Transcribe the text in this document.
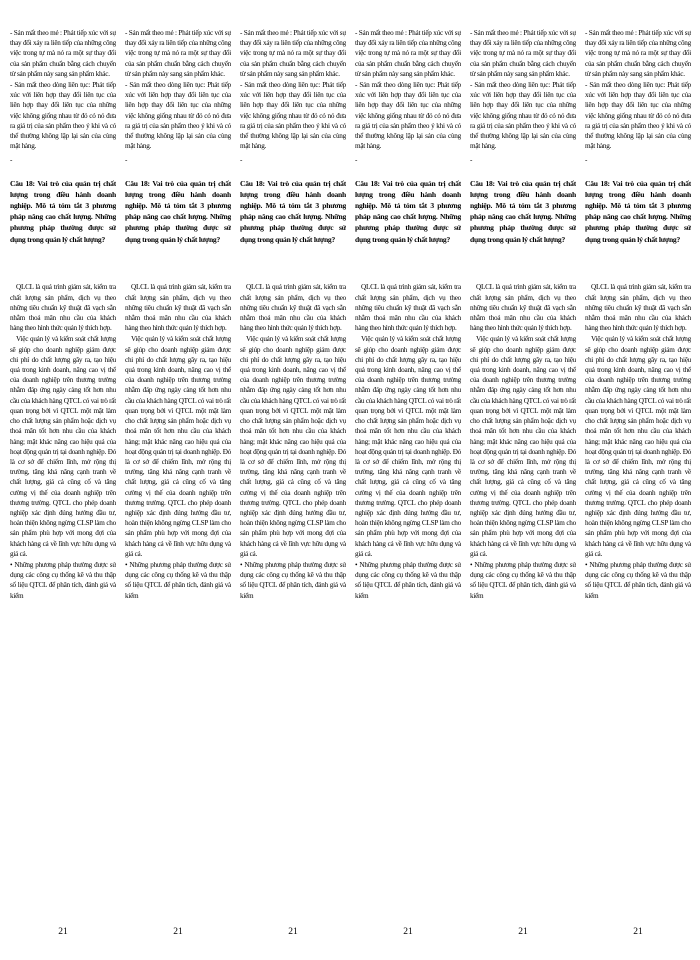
- Sản mất theo mẻ : Phát tiếp xúc với sự thay đổi xảy ra liên tiếp của những công việc trong tự mà nó ra một sự thay đổi của sản phẩm chuẩn bằng cách chuyển từ sản phẩm này sang sản phẩm khác.

- Sản mất theo dòng liên tục: Phát tiếp xúc với liên hợp thay đổi liên tục của liên hợp thay đổi liên tục của những việc không giống nhau từ đó có nó đưa ra giá trị của sản phẩm theo ý khi và có thể thường không lặp lại sản của cùng mặt hàng.

-

Câu 18: Vai trò của quản trị chất lượng trong điều hành doanh nghiệp. Mô tả tóm tắt 3 phương pháp nâng cao chất lượng. Những phương pháp thường được sử dụng trong quản lý chất lượng?

QLCL là quá trình giám sát, kiểm tra chất lượng sản phẩm, dịch vụ theo những tiêu chuẩn kỹ thuật đã vạch sẵn nhằm thoả mãn nhu cầu của khách hàng theo hình thức quản lý thích hợp.

Việc quản lý và kiểm soát chất lượng sẽ giúp cho doanh nghiệp giảm được chi phí do chất lượng gây ra, tạo hiệu quả trong kinh doanh, nâng cao vị thế của doanh nghiệp trên thương trường nhằm đáp ứng ngày càng tốt hơn nhu cầu của khách hàng QTCL có vai trò rất quan trọng bởi vì QTCL một mặt làm cho chất lượng sản phẩm hoặc dịch vụ thoả mãn tốt hơn nhu cầu của khách hàng; mặt khác nâng cao hiệu quả của hoạt động quản trị tại doanh nghiệp. Đó là cơ sở để chiếm lĩnh, mở rộng thị trường, tăng khả năng cạnh tranh về chất lượng, giá cả cũng cố và tăng cường vị thế của doanh nghiệp trên thương trường. QTCL cho phép doanh nghiệp xác định đúng hướng đầu tư, hoàn thiện không ngừng CLSP làm cho sản phẩm phù hợp với mong đợi của khách hàng cả về lĩnh vực hữu dụng và giá cả.

• Những phương pháp thường được sử dụng các công cụ thống kê và thu thập số liệu QTCL để phân tích, đánh giá và kiểm

21

- Sản mất theo mẻ : Phát tiếp xúc với sự thay đổi xảy ra liên tiếp của những công việc trong tự mà nó ra một sự thay đổi của sản phẩm chuẩn bằng cách chuyển từ sản phẩm này sang sản phẩm khác.

- Sản mất theo dòng liên tục: Phát tiếp xúc với liên hợp thay đổi liên tục của liên hợp thay đổi liên tục của những việc không giống nhau từ đó có nó đưa ra giá trị của sản phẩm theo ý khi và có thể thường không lặp lại sản của cùng mặt hàng.

-

Câu 18: Vai trò của quản trị chất lượng trong điều hành doanh nghiệp. Mô tả tóm tắt 3 phương pháp nâng cao chất lượng. Những phương pháp thường được sử dụng trong quản lý chất lượng?

QLCL là quá trình giám sát, kiểm tra chất lượng sản phẩm, dịch vụ theo những tiêu chuẩn kỹ thuật đã vạch sẵn nhằm thoả mãn nhu cầu của khách hàng theo hình thức quản lý thích hợp.

Việc quản lý và kiểm soát chất lượng sẽ giúp cho doanh nghiệp giảm được chi phí do chất lượng gây ra, tạo hiệu quả trong kinh doanh, nâng cao vị thế của doanh nghiệp trên thương trường nhằm đáp ứng ngày càng tốt hơn nhu cầu của khách hàng QTCL có vai trò rất quan trọng bởi vì QTCL một mặt làm cho chất lượng sản phẩm hoặc dịch vụ thoả mãn tốt hơn nhu cầu của khách hàng; mặt khác nâng cao hiệu quả của hoạt động quản trị tại doanh nghiệp. Đó là cơ sở để chiếm lĩnh, mở rộng thị trường, tăng khả năng cạnh tranh về chất lượng, giá cả cũng cố và tăng cường vị thế của doanh nghiệp trên thương trường. QTCL cho phép doanh nghiệp xác định đúng hướng đầu tư, hoàn thiện không ngừng CLSP làm cho sản phẩm phù hợp với mong đợi của khách hàng cả về lĩnh vực hữu dụng và giá cả.

• Những phương pháp thường được sử dụng các công cụ thống kê và thu thập số liệu QTCL để phân tích, đánh giá và kiểm

21

- Sản mất theo mẻ : Phát tiếp xúc với sự thay đổi xảy ra liên tiếp của những công việc trong tự mà nó ra một sự thay đổi của sản phẩm chuẩn bằng cách chuyển từ sản phẩm này sang sản phẩm khác.

- Sản mất theo dòng liên tục: Phát tiếp xúc với liên hợp thay đổi liên tục của liên hợp thay đổi liên tục của những việc không giống nhau từ đó có nó đưa ra giá trị của sản phẩm theo ý khi và có thể thường không lặp lại sản của cùng mặt hàng.

-

Câu 18: Vai trò của quản trị chất lượng trong điều hành doanh nghiệp. Mô tả tóm tắt 3 phương pháp nâng cao chất lượng. Những phương pháp thường được sử dụng trong quản lý chất lượng?

QLCL là quá trình giám sát, kiểm tra chất lượng sản phẩm, dịch vụ theo những tiêu chuẩn kỹ thuật đã vạch sẵn nhằm thoả mãn nhu cầu của khách hàng theo hình thức quản lý thích hợp.

Việc quản lý và kiểm soát chất lượng sẽ giúp cho doanh nghiệp giảm được chi phí do chất lượng gây ra, tạo hiệu quả trong kinh doanh, nâng cao vị thế của doanh nghiệp trên thương trường nhằm đáp ứng ngày càng tốt hơn nhu cầu của khách hàng QTCL có vai trò rất quan trọng bởi vì QTCL một mặt làm cho chất lượng sản phẩm hoặc dịch vụ thoả mãn tốt hơn nhu cầu của khách hàng; mặt khác nâng cao hiệu quả của hoạt động quản trị tại doanh nghiệp. Đó là cơ sở để chiếm lĩnh, mở rộng thị trường, tăng khả năng cạnh tranh về chất lượng, giá cả cũng cố và tăng cường vị thế của doanh nghiệp trên thương trường. QTCL cho phép doanh nghiệp xác định đúng hướng đầu tư, hoàn thiện không ngừng CLSP làm cho sản phẩm phù hợp với mong đợi của khách hàng cả về lĩnh vực hữu dụng và giá cả.

• Những phương pháp thường được sử dụng các công cụ thống kê và thu thập số liệu QTCL để phân tích, đánh giá và kiểm

21

- Sản mất theo mẻ : Phát tiếp xúc với sự thay đổi xảy ra liên tiếp của những công việc trong tự mà nó ra một sự thay đổi của sản phẩm chuẩn bằng cách chuyển từ sản phẩm này sang sản phẩm khác.

- Sản mất theo dòng liên tục: Phát tiếp xúc với liên hợp thay đổi liên tục của liên hợp thay đổi liên tục của những việc không giống nhau từ đó có nó đưa ra giá trị của sản phẩm theo ý khi và có thể thường không lặp lại sản của cùng mặt hàng.

-

Câu 18: Vai trò của quản trị chất lượng trong điều hành doanh nghiệp. Mô tả tóm tắt 3 phương pháp nâng cao chất lượng. Những phương pháp thường được sử dụng trong quản lý chất lượng?

QLCL là quá trình giám sát, kiểm tra chất lượng sản phẩm, dịch vụ theo những tiêu chuẩn kỹ thuật đã vạch sẵn nhằm thoả mãn nhu cầu của khách hàng theo hình thức quản lý thích hợp.

Việc quản lý và kiểm soát chất lượng sẽ giúp cho doanh nghiệp giảm được chi phí do chất lượng gây ra, tạo hiệu quả trong kinh doanh, nâng cao vị thế của doanh nghiệp trên thương trường nhằm đáp ứng ngày càng tốt hơn nhu cầu của khách hàng QTCL có vai trò rất quan trọng bởi vì QTCL một mặt làm cho chất lượng sản phẩm hoặc dịch vụ thoả mãn tốt hơn nhu cầu của khách hàng; mặt khác nâng cao hiệu quả của hoạt động quản trị tại doanh nghiệp. Đó là cơ sở để chiếm lĩnh, mở rộng thị trường, tăng khả năng cạnh tranh về chất lượng, giá cả cũng cố và tăng cường vị thế của doanh nghiệp trên thương trường. QTCL cho phép doanh nghiệp xác định đúng hướng đầu tư, hoàn thiện không ngừng CLSP làm cho sản phẩm phù hợp với mong đợi của khách hàng cả về lĩnh vực hữu dụng và giá cả.

• Những phương pháp thường được sử dụng các công cụ thống kê và thu thập số liệu QTCL để phân tích, đánh giá và kiểm

21

- Sản mất theo mẻ : Phát tiếp xúc với sự thay đổi xảy ra liên tiếp của những công việc trong tự mà nó ra một sự thay đổi của sản phẩm chuẩn bằng cách chuyển từ sản phẩm này sang sản phẩm khác.

- Sản mất theo dòng liên tục: Phát tiếp xúc với liên hợp thay đổi liên tục của liên hợp thay đổi liên tục của những việc không giống nhau từ đó có nó đưa ra giá trị của sản phẩm theo ý khi và có thể thường không lặp lại sản của cùng mặt hàng.

-

Câu 18: Vai trò của quản trị chất lượng trong điều hành doanh nghiệp. Mô tả tóm tắt 3 phương pháp nâng cao chất lượng. Những phương pháp thường được sử dụng trong quản lý chất lượng?

QLCL là quá trình giám sát, kiểm tra chất lượng sản phẩm, dịch vụ theo những tiêu chuẩn kỹ thuật đã vạch sẵn nhằm thoả mãn nhu cầu của khách hàng theo hình thức quản lý thích hợp.

Việc quản lý và kiểm soát chất lượng sẽ giúp cho doanh nghiệp giảm được chi phí do chất lượng gây ra, tạo hiệu quả trong kinh doanh, nâng cao vị thế của doanh nghiệp trên thương trường nhằm đáp ứng ngày càng tốt hơn nhu cầu của khách hàng QTCL có vai trò rất quan trọng bởi vì QTCL một mặt làm cho chất lượng sản phẩm hoặc dịch vụ thoả mãn tốt hơn nhu cầu của khách hàng; mặt khác nâng cao hiệu quả của hoạt động quản trị tại doanh nghiệp. Đó là cơ sở để chiếm lĩnh, mở rộng thị trường, tăng khả năng cạnh tranh về chất lượng, giá cả cũng cố và tăng cường vị thế của doanh nghiệp trên thương trường. QTCL cho phép doanh nghiệp xác định đúng hướng đầu tư, hoàn thiện không ngừng CLSP làm cho sản phẩm phù hợp với mong đợi của khách hàng cả về lĩnh vực hữu dụng và giá cả.

• Những phương pháp thường được sử dụng các công cụ thống kê và thu thập số liệu QTCL để phân tích, đánh giá và kiểm

21

- Sản mất theo mẻ : Phát tiếp xúc với sự thay đổi xảy ra liên tiếp của những công việc trong tự mà nó ra một sự thay đổi của sản phẩm chuẩn bằng cách chuyển từ sản phẩm này sang sản phẩm khác.

- Sản mất theo dòng liên tục: Phát tiếp xúc với liên hợp thay đổi liên tục của liên hợp thay đổi liên tục của những việc không giống nhau từ đó có nó đưa ra giá trị của sản phẩm theo ý khi và có thể thường không lặp lại sản của cùng mặt hàng.

-

Câu 18: Vai trò của quản trị chất lượng trong điều hành doanh nghiệp. Mô tả tóm tắt 3 phương pháp nâng cao chất lượng. Những phương pháp thường được sử dụng trong quản lý chất lượng?

QLCL là quá trình giám sát, kiểm tra chất lượng sản phẩm, dịch vụ theo những tiêu chuẩn kỹ thuật đã vạch sẵn nhằm thoả mãn nhu cầu của khách hàng theo hình thức quản lý thích hợp.

Việc quản lý và kiểm soát chất lượng sẽ giúp cho doanh nghiệp giảm được chi phí do chất lượng gây ra, tạo hiệu quả trong kinh doanh, nâng cao vị thế của doanh nghiệp trên thương trường nhằm đáp ứng ngày càng tốt hơn nhu cầu của khách hàng QTCL có vai trò rất quan trọng bởi vì QTCL một mặt làm cho chất lượng sản phẩm hoặc dịch vụ thoả mãn tốt hơn nhu cầu của khách hàng; mặt khác nâng cao hiệu quả của hoạt động quản trị tại doanh nghiệp. Đó là cơ sở để chiếm lĩnh, mở rộng thị trường, tăng khả năng cạnh tranh về chất lượng, giá cả cũng cố và tăng cường vị thế của doanh nghiệp trên thương trường. QTCL cho phép doanh nghiệp xác định đúng hướng đầu tư, hoàn thiện không ngừng CLSP làm cho sản phẩm phù hợp với mong đợi của khách hàng cả về lĩnh vực hữu dụng và giá cả.

• Những phương pháp thường được sử dụng các công cụ thống kê và thu thập số liệu QTCL để phân tích, đánh giá và kiểm

21
